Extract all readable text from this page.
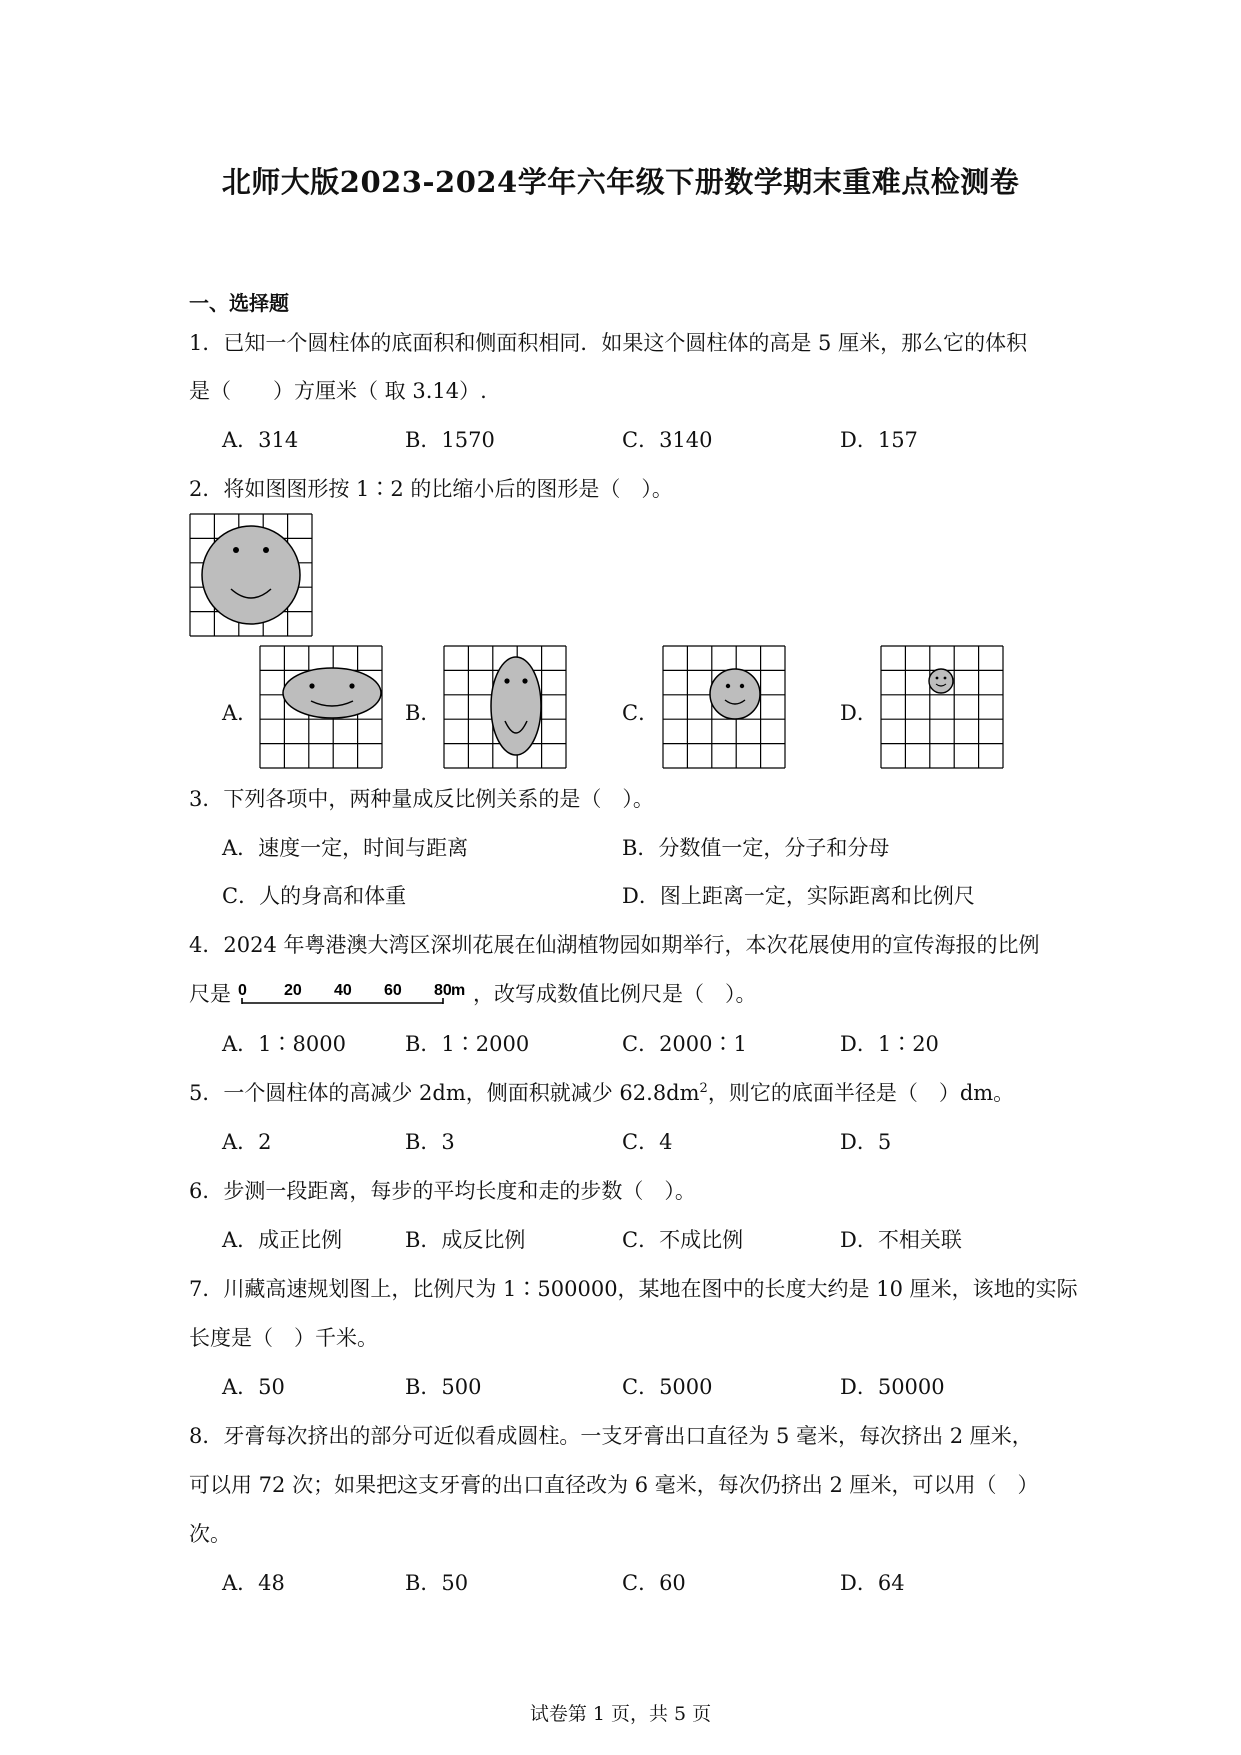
北师大版2023-2024学年六年级下册数学期末重难点检测卷
一、选择题
1．已知一个圆柱体的底面积和侧面积相同．如果这个圆柱体的高是 5 厘米，那么它的体积
是（　　）方厘米（ 取 3.14）.
A．314	B．1570	C．3140	D．157
2．将如图图形按 1∶2 的比缩小后的图形是（　）。
A．	B．	C．	D．
3．下列各项中，两种量成反比例关系的是（　）。
A．速度一定，时间与距离	B．分数值一定，分子和分母
C．人的身高和体重	D．图上距离一定，实际距离和比例尺
4．2024 年粤港澳大湾区深圳花展在仙湖植物园如期举行，本次花展使用的宣传海报的比例
尺是 0 20 40 60 80 m ，改写成数值比例尺是（　）。
A．1∶8000	B．1∶2000	C．2000∶1	D．1∶20
5．一个圆柱体的高减少 2dm，侧面积就减少 $62.8dm^2$，则它的底面半径是（　）dm。
A．2	B．3	C．4	D．5
6．步测一段距离，每步的平均长度和走的步数（　）。
A．成正比例	B．成反比例	C．不成比例	D．不相关联
7．川藏高速规划图上，比例尺为 1∶500000，某地在图中的长度大约是 10 厘米，该地的实际
长度是（　）千米。
A．50	B．500	C．5000	D．50000
8．牙膏每次挤出的部分可近似看成圆柱。一支牙膏出口直径为 5 毫米，每次挤出 2 厘米，
可以用 72 次；如果把这支牙膏的出口直径改为 6 毫米，每次仍挤出 2 厘米，可以用（　）
次。
A．48	B．50	C．60	D．64
试卷第 1 页，共 5 页
